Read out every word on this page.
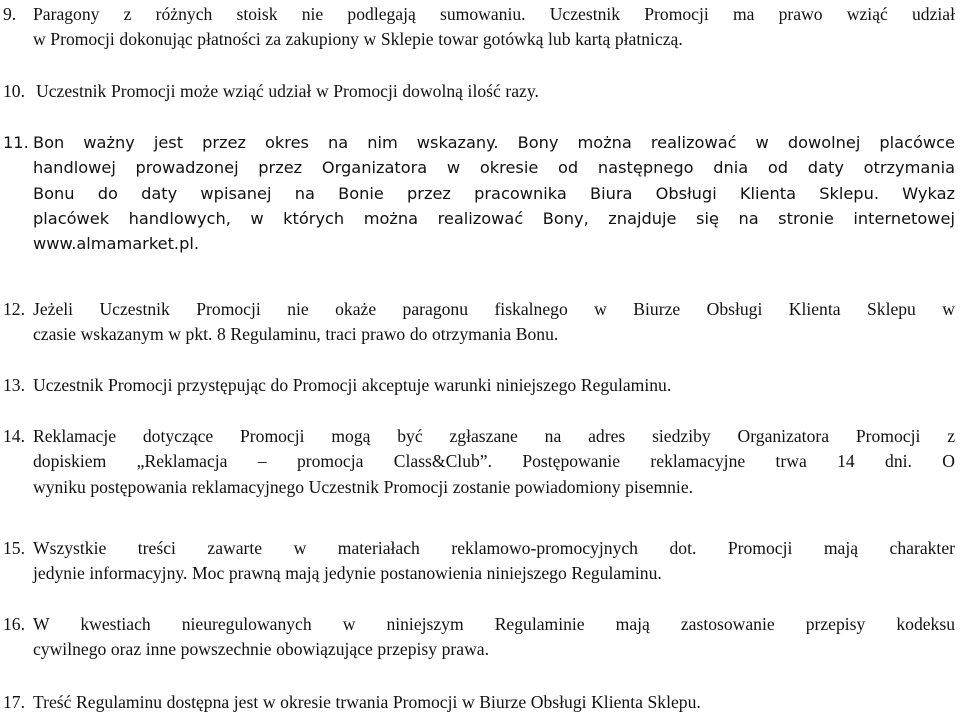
9. Paragony z różnych stoisk nie podlegają sumowaniu. Uczestnik Promocji ma prawo wziąć udział
w Promocji dokonując płatności za zakupiony w Sklepie towar gotówką lub kartą płatniczą.
10. Uczestnik Promocji może wziąć udział w Promocji dowolną ilość razy.
11. Bon ważny jest przez okres na nim wskazany. Bony można realizować w dowolnej placówce
handlowej prowadzonej przez Organizatora w okresie od następnego dnia od daty otrzymania
Bonu do daty wpisanej na Bonie przez pracownika Biura Obsługi Klienta Sklepu. Wykaz
placówek handlowych, w których można realizować Bony, znajduje się na stronie internetowej
www.almamarket.pl.
12. Jeżeli Uczestnik Promocji nie okaże paragonu fiskalnego w Biurze Obsługi Klienta Sklepu w
czasie wskazanym w pkt. 8 Regulaminu, traci prawo do otrzymania Bonu.
13. Uczestnik Promocji przystępując do Promocji akceptuje warunki niniejszego Regulaminu.
14. Reklamacje dotyczące Promocji mogą być zgłaszane na adres siedziby Organizatora Promocji z
dopiskiem „Reklamacja – promocja Class&Club”. Postępowanie reklamacyjne trwa 14 dni. O
wyniku postępowania reklamacyjnego Uczestnik Promocji zostanie powiadomiony pisemnie.
15. Wszystkie treści zawarte w materiałach reklamowo-promocyjnych dot. Promocji mają charakter
jedynie informacyjny. Moc prawną mają jedynie postanowienia niniejszego Regulaminu.
16. W kwestiach nieuregulowanych w niniejszym Regulaminie mają zastosowanie przepisy kodeksu
cywilnego oraz inne powszechnie obowiązujące przepisy prawa.
17. Treść Regulaminu dostępna jest w okresie trwania Promocji w Biurze Obsługi Klienta Sklepu.
